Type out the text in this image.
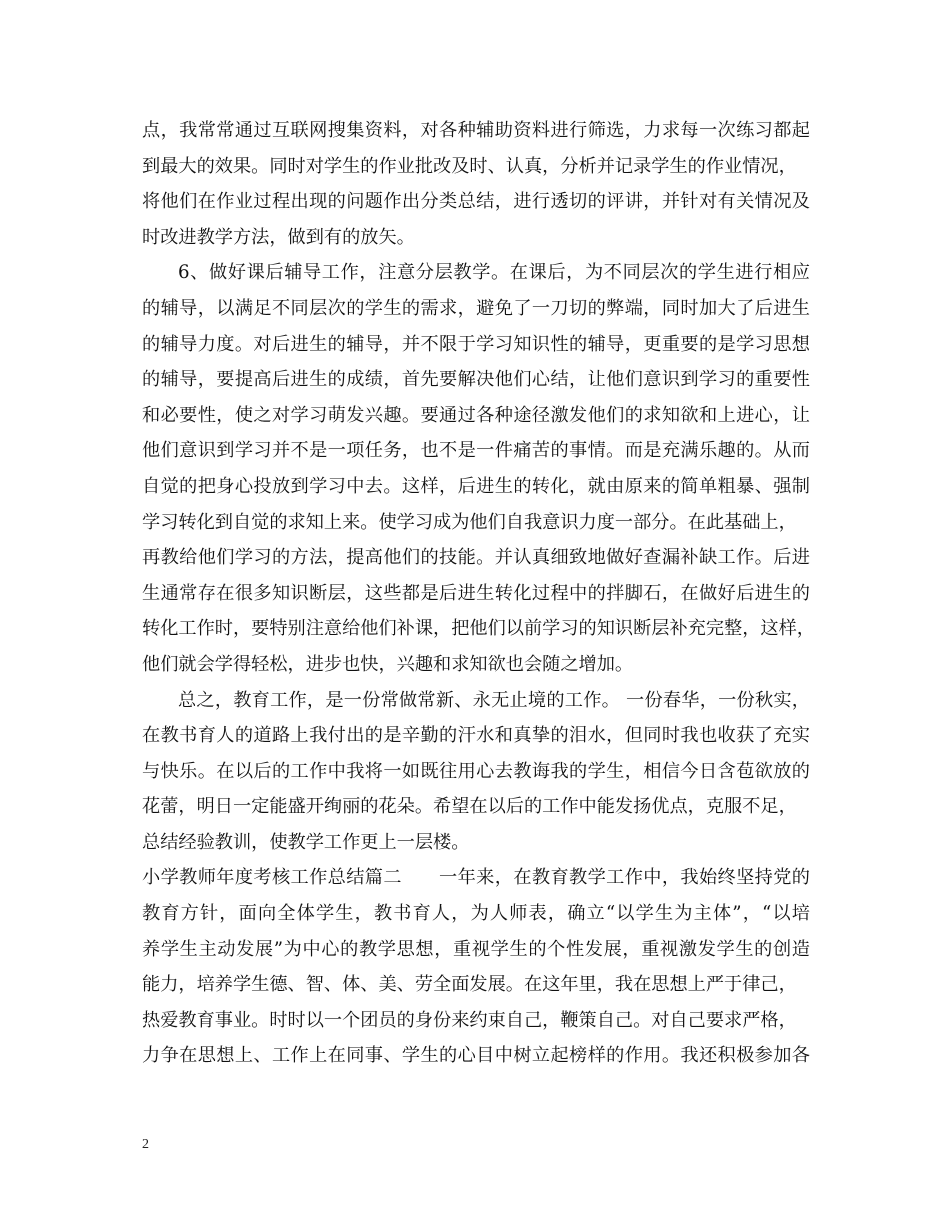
点，我常常通过互联网搜集资料，对各种辅助资料进行筛选，力求每一次练习都起
到最大的效果。同时对学生的作业批改及时、认真，分析并记录学生的作业情况，
将他们在作业过程出现的问题作出分类总结，进行透切的评讲，并针对有关情况及
时改进教学方法，做到有的放矢。
6、做好课后辅导工作，注意分层教学。在课后，为不同层次的学生进行相应
的辅导，以满足不同层次的学生的需求，避免了一刀切的弊端，同时加大了后进生
的辅导力度。对后进生的辅导，并不限于学习知识性的辅导，更重要的是学习思想
的辅导，要提高后进生的成绩，首先要解决他们心结，让他们意识到学习的重要性
和必要性，使之对学习萌发兴趣。要通过各种途径激发他们的求知欲和上进心，让
他们意识到学习并不是一项任务，也不是一件痛苦的事情。而是充满乐趣的。从而
自觉的把身心投放到学习中去。这样，后进生的转化，就由原来的简单粗暴、强制
学习转化到自觉的求知上来。使学习成为他们自我意识力度一部分。在此基础上，
再教给他们学习的方法，提高他们的技能。并认真细致地做好查漏补缺工作。后进
生通常存在很多知识断层，这些都是后进生转化过程中的拌脚石，在做好后进生的
转化工作时，要特别注意给他们补课，把他们以前学习的知识断层补充完整，这样，
他们就会学得轻松，进步也快，兴趣和求知欲也会随之增加。
总之，教育工作，是一份常做常新、永无止境的工作。 一份春华，一份秋实，
在教书育人的道路上我付出的是辛勤的汗水和真挚的泪水，但同时我也收获了充实
与快乐。在以后的工作中我将一如既往用心去教诲我的学生，相信今日含苞欲放的
花蕾，明日一定能盛开绚丽的花朵。希望在以后的工作中能发扬优点，克服不足，
总结经验教训，使教学工作更上一层楼。
小学教师年度考核工作总结篇二　　一年来，在教育教学工作中，我始终坚持党的
教育方针，面向全体学生，教书育人，为人师表，确立“以学生为主体”，“以培
养学生主动发展”为中心的教学思想，重视学生的个性发展，重视激发学生的创造
能力，培养学生德、智、体、美、劳全面发展。在这年里，我在思想上严于律己，
热爱教育事业。时时以一个团员的身份来约束自己，鞭策自己。对自己要求严格，
力争在思想上、工作上在同事、学生的心目中树立起榜样的作用。我还积极参加各
2
